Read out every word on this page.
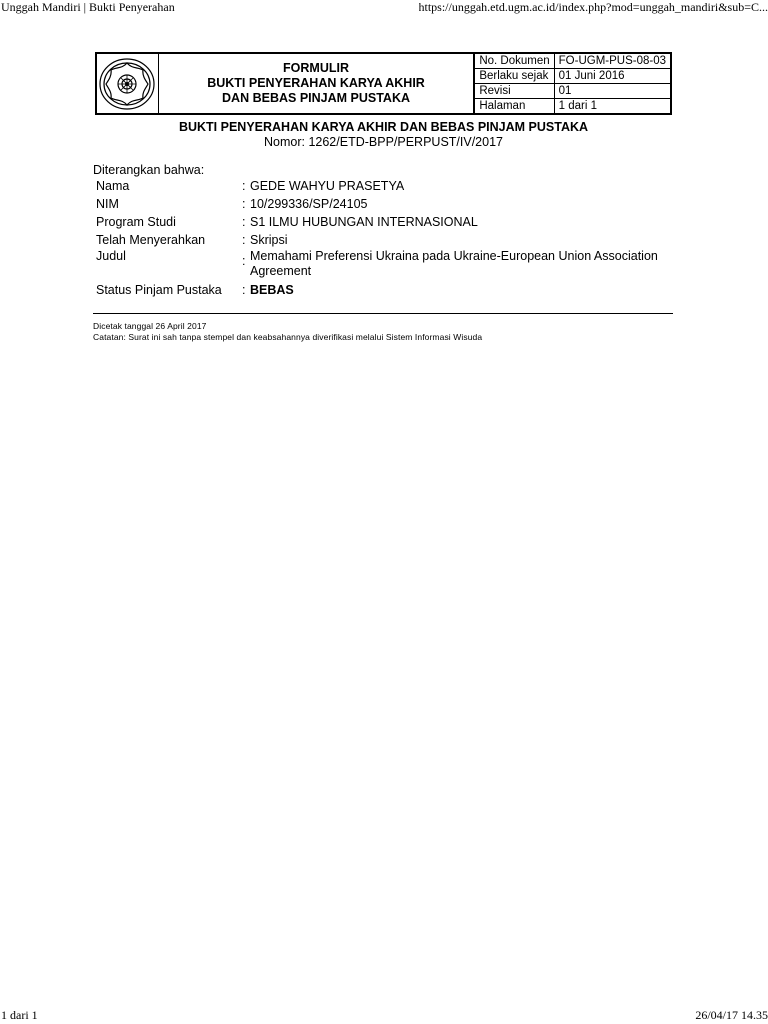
Unggah Mandiri | Bukti Penyerahan	https://unggah.etd.ugm.ac.id/index.php?mod=unggah_mandiri&sub=C...
FORMULIR
BUKTI PENYERAHAN KARYA AKHIR
DAN BEBAS PINJAM PUSTAKA
No. Dokumen	FO-UGM-PUS-08-03
Berlaku sejak	01 Juni 2016
Revisi	01
Halaman	1 dari 1
BUKTI PENYERAHAN KARYA AKHIR DAN BEBAS PINJAM PUSTAKA
Nomor: 1262/ETD-BPP/PERPUST/IV/2017
Diterangkan bahwa:
Nama	: GEDE WAHYU PRASETYA
NIM	: 10/299336/SP/24105
Program Studi	: S1 ILMU HUBUNGAN INTERNASIONAL
Telah Menyerahkan	: Skripsi
Judul	: Memahami Preferensi Ukraina pada Ukraine-European Union Association Agreement
Status Pinjam Pustaka	: BEBAS
Dicetak tanggal 26 April 2017
Catatan: Surat ini sah tanpa stempel dan keabsahannya diverifikasi melalui Sistem Informasi Wisuda
1 dari 1	26/04/17 14.35
